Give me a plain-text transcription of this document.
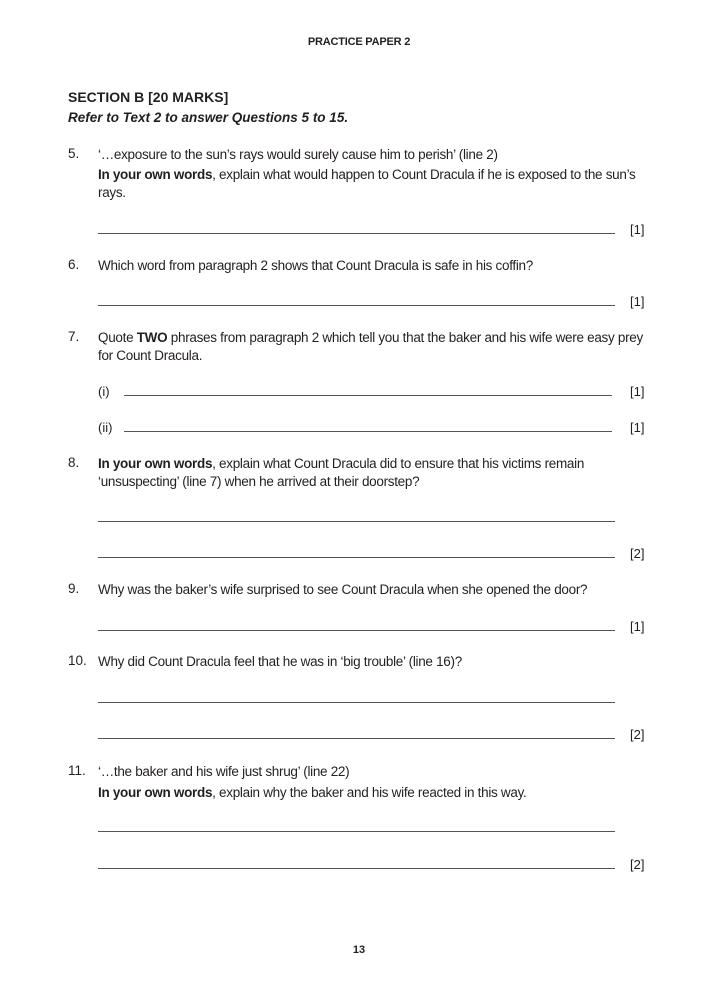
PRACTICE PAPER 2
SECTION B [20 MARKS]
Refer to Text 2 to answer Questions 5 to 15.
5. ‘…exposure to the sun’s rays would surely cause him to perish’ (line 2)
In your own words, explain what would happen to Count Dracula if he is exposed to the sun’s rays.
[1]
6. Which word from paragraph 2 shows that Count Dracula is safe in his coffin?
[1]
7. Quote TWO phrases from paragraph 2 which tell you that the baker and his wife were easy prey for Count Dracula.
(i)	[1]
(ii)	[1]
8. In your own words, explain what Count Dracula did to ensure that his victims remain ‘unsuspecting’ (line 7) when he arrived at their doorstep?
[2]
9. Why was the baker’s wife surprised to see Count Dracula when she opened the door?
[1]
10. Why did Count Dracula feel that he was in ‘big trouble’ (line 16)?
[2]
11. ‘…the baker and his wife just shrug’ (line 22)
In your own words, explain why the baker and his wife reacted in this way.
[2]
13
